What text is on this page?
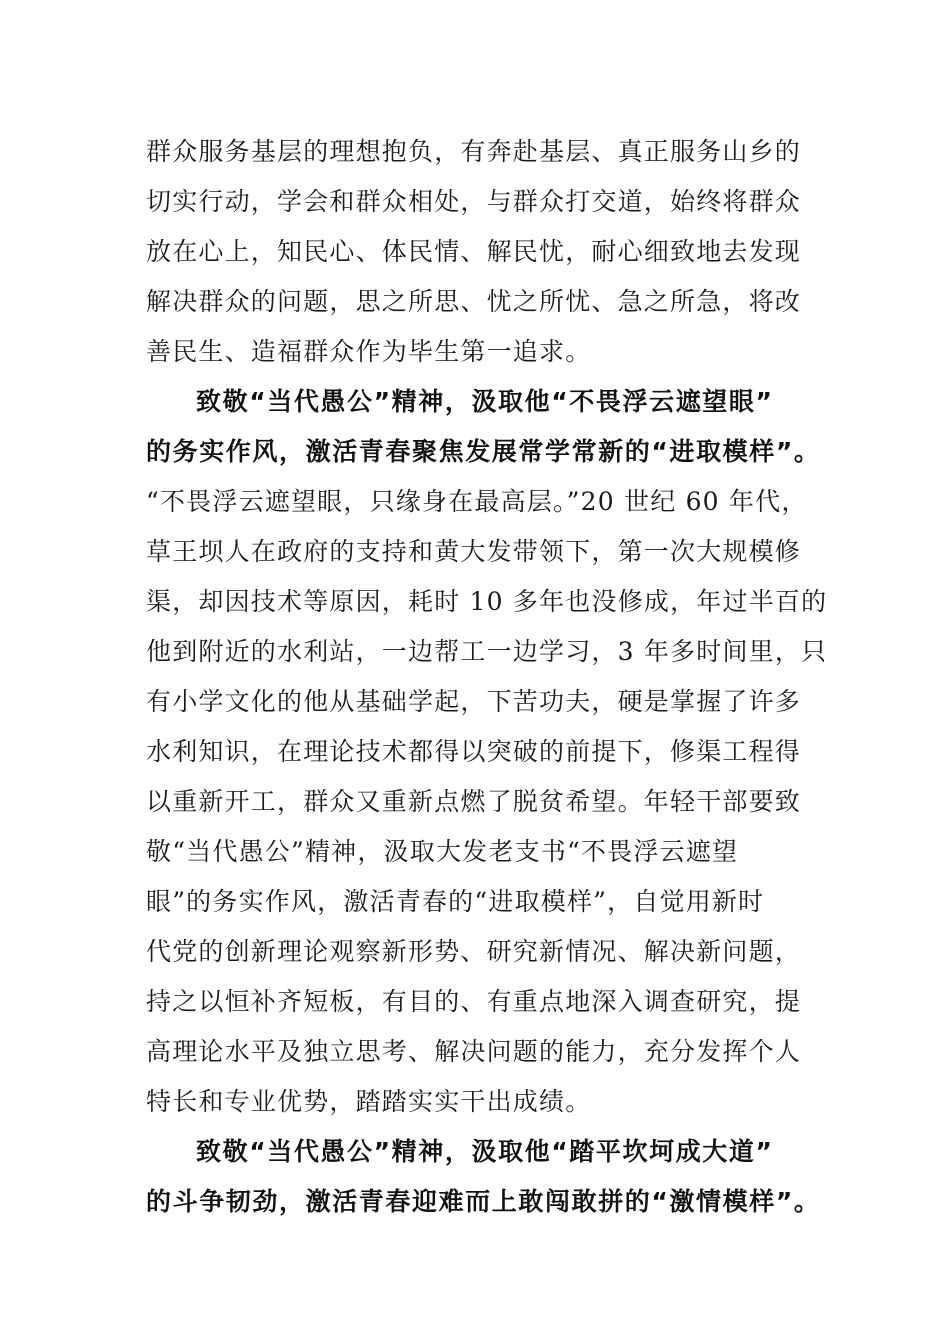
群众服务基层的理想抱负，有奔赴基层、真正服务山乡的
切实行动，学会和群众相处，与群众打交道，始终将群众
放在心上，知民心、体民情、解民忧，耐心细致地去发现
解决群众的问题，思之所思、忧之所忧、急之所急，将改
善民生、造福群众作为毕生第一追求。
致敬“当代愚公”精神，汲取他“不畏浮云遮望眼”
的务实作风，激活青春聚焦发展常学常新的“进取模样”。
“不畏浮云遮望眼，只缘身在最高层。”20 世纪 60 年代，
草王坝人在政府的支持和黄大发带领下，第一次大规模修
渠，却因技术等原因，耗时 10 多年也没修成，年过半百的
他到附近的水利站，一边帮工一边学习，3 年多时间里，只
有小学文化的他从基础学起，下苦功夫，硬是掌握了许多
水利知识，在理论技术都得以突破的前提下，修渠工程得
以重新开工，群众又重新点燃了脱贫希望。年轻干部要致
敬“当代愚公”精神，汲取大发老支书“不畏浮云遮望
眼”的务实作风，激活青春的“进取模样”，自觉用新时
代党的创新理论观察新形势、研究新情况、解决新问题，
持之以恒补齐短板，有目的、有重点地深入调查研究，提
高理论水平及独立思考、解决问题的能力，充分发挥个人
特长和专业优势，踏踏实实干出成绩。
致敬“当代愚公”精神，汲取他“踏平坎坷成大道”
的斗争韧劲，激活青春迎难而上敢闯敢拼的“激情模样”。
